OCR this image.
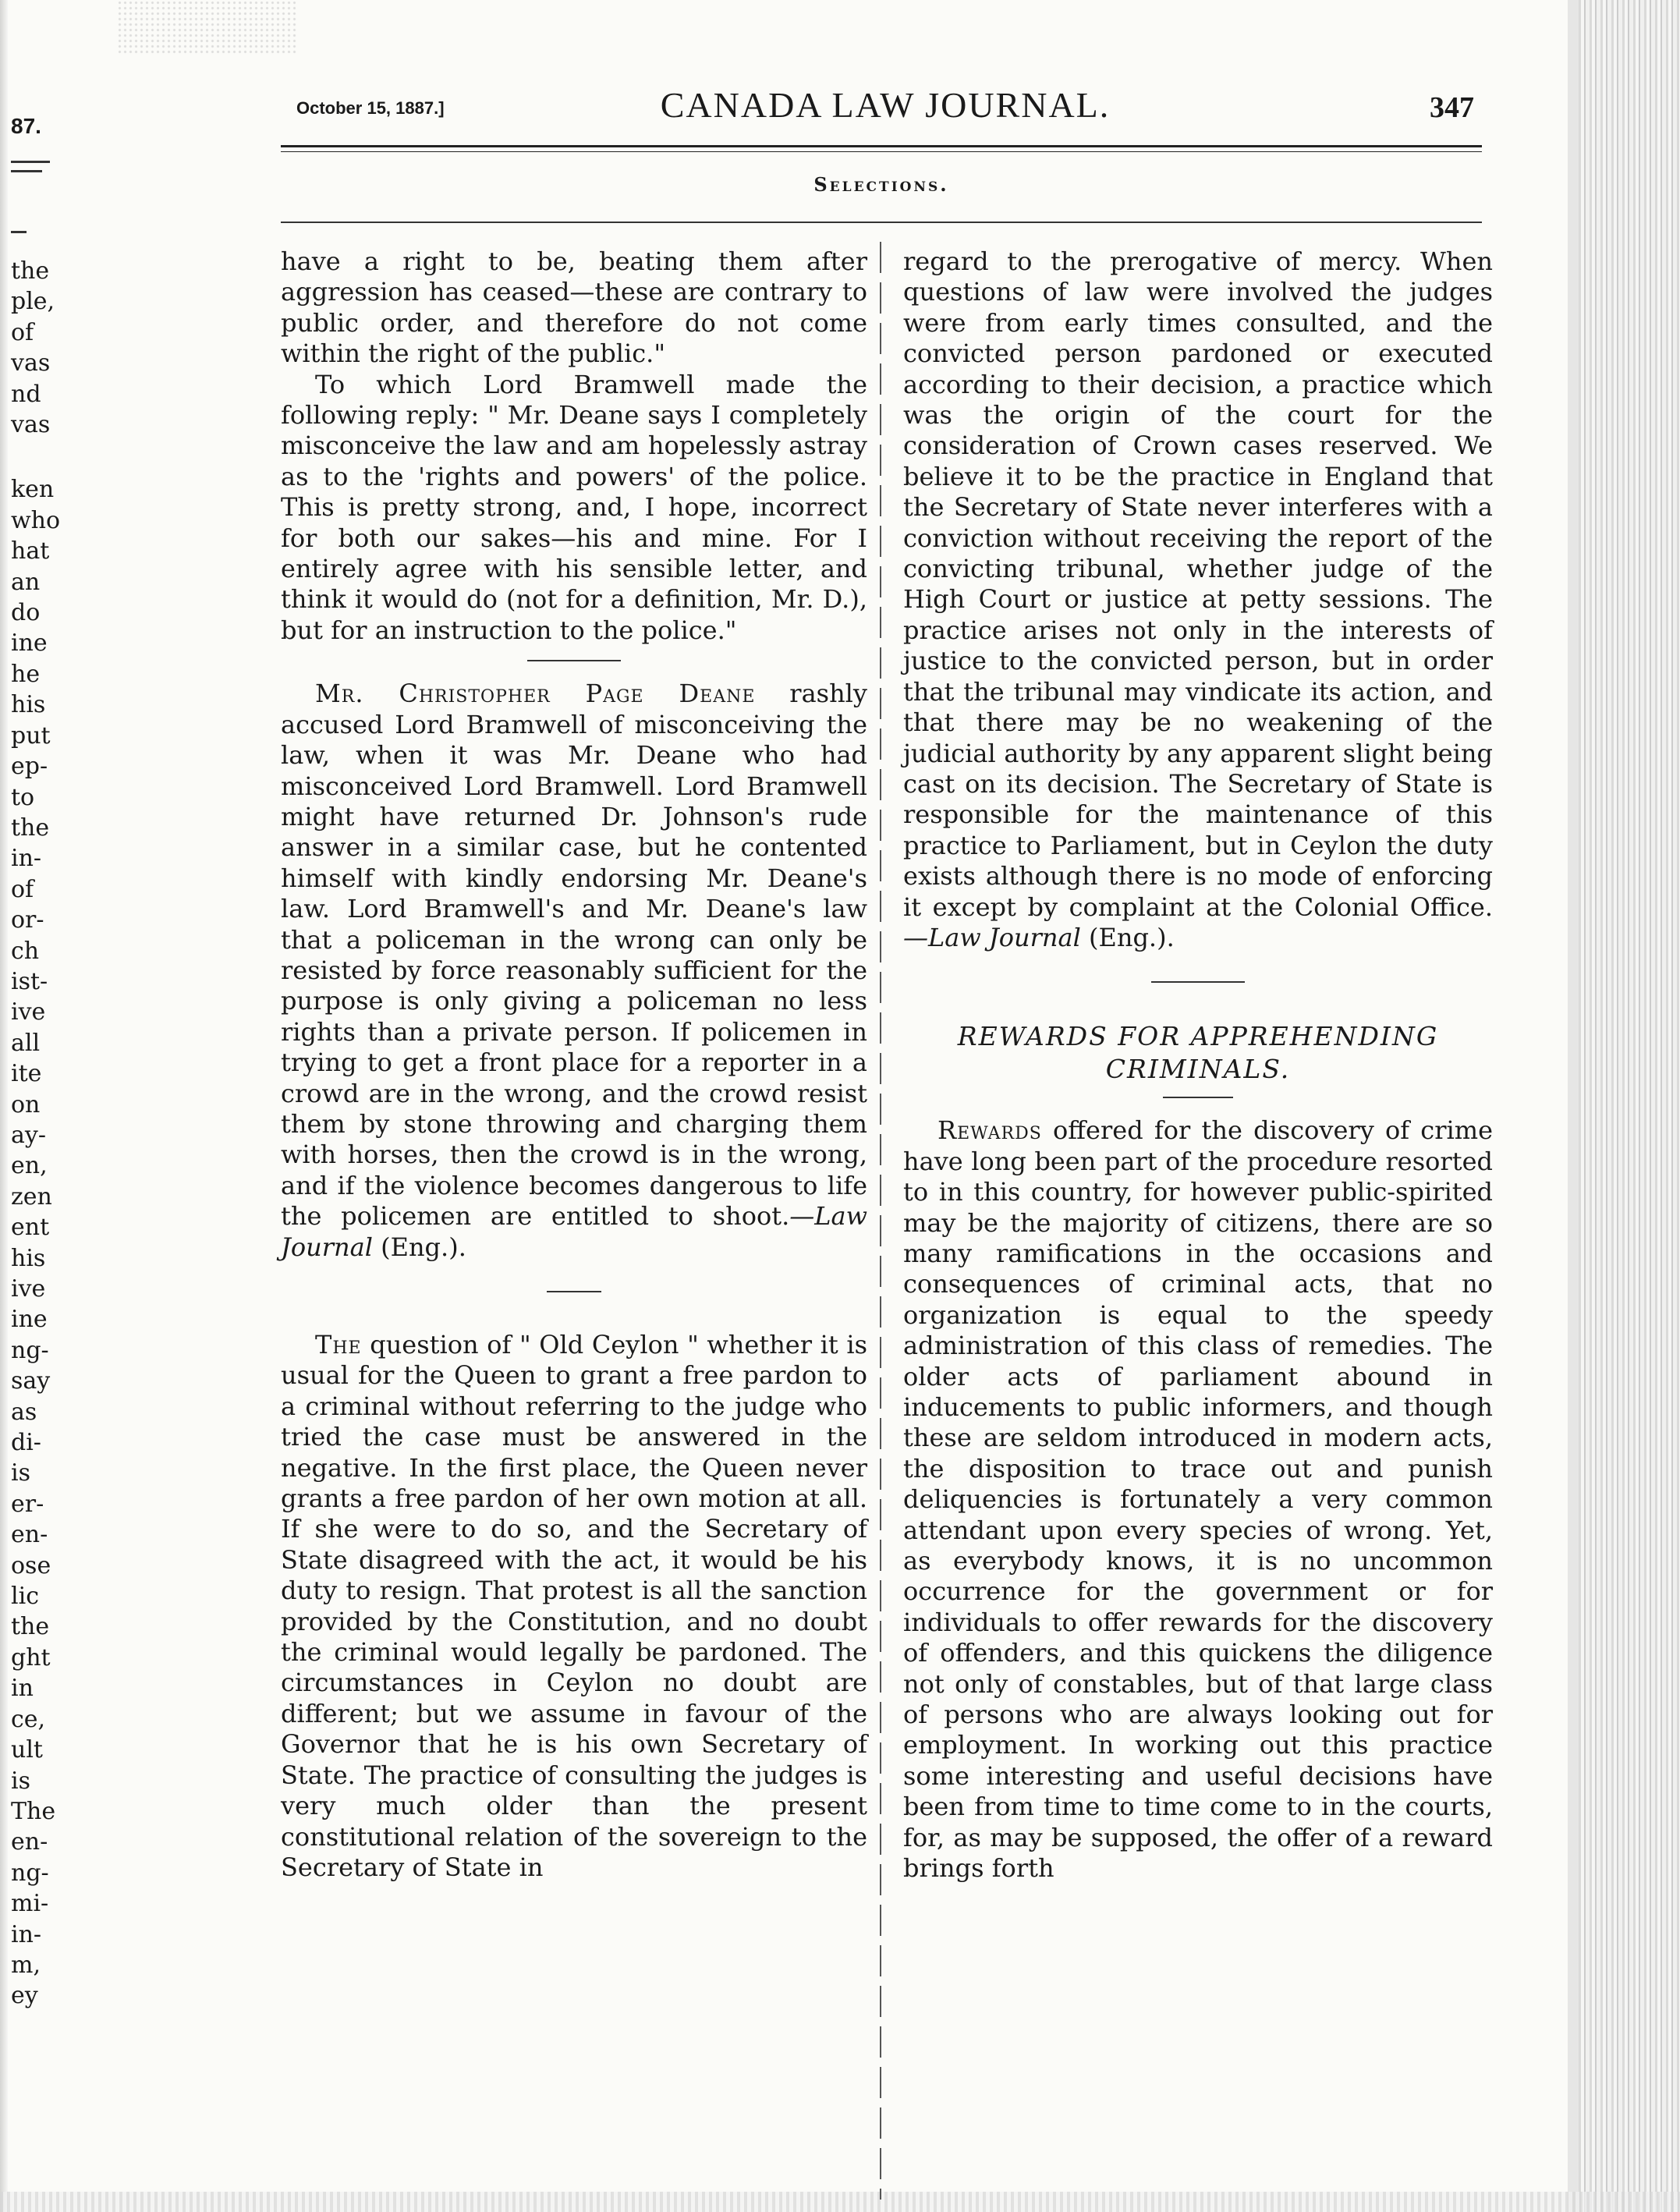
87.
the
ple,
of
vas
nd
vas
ken
who
hat
an
do
ine
he
his
put
ep-
to
the
in-
of
or-
ch
ist-
ive
all
ite
on
ay-
en,
zen
ent
his
ive
ine
ng-
say
as
di-
is
er-
en-
ose
lic
the
ght
in
ce,
ult
is
The
en-
ng-
mi-
in-
m,
ey
October 15, 1887.]	CANADA LAW JOURNAL.	347
Selections.

have a right to be, beating them after aggression has ceased—these are contrary to public order, and therefore do not come within the right of the public."

To which Lord Bramwell made the following reply: " Mr. Deane says I completely misconceive the law and am hopelessly astray as to the 'rights and powers' of the police. This is pretty strong, and, I hope, incorrect for both our sakes—his and mine. For I entirely agree with his sensible letter, and think it would do (not for a definition, Mr. D.), but for an instruction to the police."

Mr. Christopher Page Deane rashly accused Lord Bramwell of misconceiving the law, when it was Mr. Deane who had misconceived Lord Bramwell. Lord Bramwell might have returned Dr. Johnson's rude answer in a similar case, but he contented himself with kindly endorsing Mr. Deane's law. Lord Bramwell's and Mr. Deane's law that a policeman in the wrong can only be resisted by force reasonably sufficient for the purpose is only giving a policeman no less rights than a private person. If policemen in trying to get a front place for a reporter in a crowd are in the wrong, and the crowd resist them by stone throwing and charging them with horses, then the crowd is in the wrong, and if the violence becomes dangerous to life the policemen are entitled to shoot.—Law Journal (Eng.).

The question of " Old Ceylon " whether it is usual for the Queen to grant a free pardon to a criminal without referring to the judge who tried the case must be answered in the negative. In the first place, the Queen never grants a free pardon of her own motion at all. If she were to do so, and the Secretary of State disagreed with the act, it would be his duty to resign. That protest is all the sanction provided by the Constitution, and no doubt the criminal would legally be pardoned. The circumstances in Ceylon no doubt are different; but we assume in favour of the Governor that he is his own Secretary of State. The practice of consulting the judges is very much older than the present constitutional relation of the sovereign to the Secretary of State in

regard to the prerogative of mercy. When questions of law were involved the judges were from early times consulted, and the convicted person pardoned or executed according to their decision, a practice which was the origin of the court for the consideration of Crown cases reserved. We believe it to be the practice in England that the Secretary of State never interferes with a conviction without receiving the report of the convicting tribunal, whether judge of the High Court or justice at petty sessions. The practice arises not only in the interests of justice to the convicted person, but in order that the tribunal may vindicate its action, and that there may be no weakening of the judicial authority by any apparent slight being cast on its decision. The Secretary of State is responsible for the maintenance of this practice to Parliament, but in Ceylon the duty exists although there is no mode of enforcing it except by complaint at the Colonial Office.—Law Journal (Eng.).

REWARDS FOR APPREHENDING
CRIMINALS.

Rewards offered for the discovery of crime have long been part of the procedure resorted to in this country, for however public-spirited may be the majority of citizens, there are so many ramifications in the occasions and consequences of criminal acts, that no organization is equal to the speedy administration of this class of remedies. The older acts of parliament abound in inducements to public informers, and though these are seldom introduced in modern acts, the disposition to trace out and punish deliquencies is fortunately a very common attendant upon every species of wrong. Yet, as everybody knows, it is no uncommon occurrence for the government or for individuals to offer rewards for the discovery of offenders, and this quickens the diligence not only of constables, but of that large class of persons who are always looking out for employment. In working out this practice some interesting and useful decisions have been from time to time come to in the courts, for, as may be supposed, the offer of a reward brings forth
